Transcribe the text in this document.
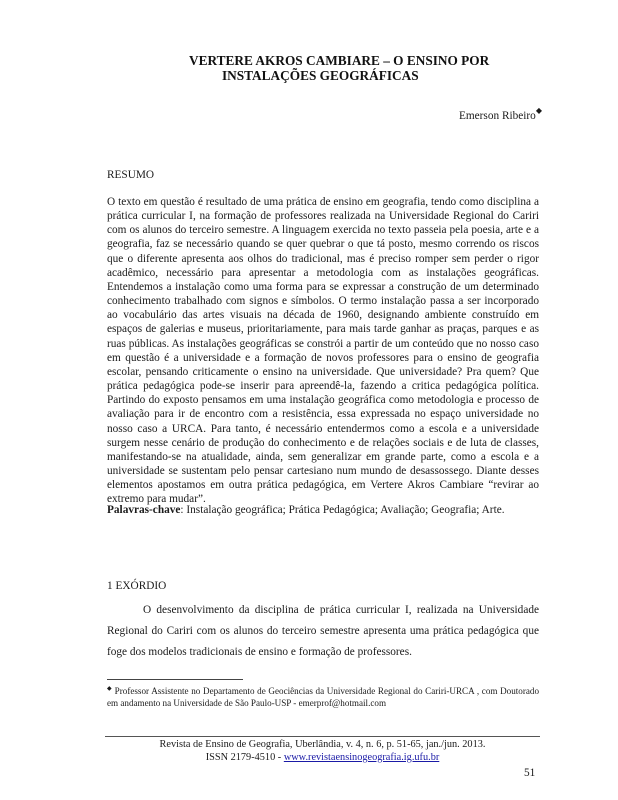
VERTERE AKROS CAMBIARE – O ENSINO POR
INSTALAÇÕES GEOGRÁFICAS
Emerson Ribeiro◆
RESUMO

O texto em questão é resultado de uma prática de ensino em geografia, tendo como disciplina a prática curricular I, na formação de professores realizada na Universidade Regional do Cariri com os alunos do terceiro semestre. A linguagem exercida no texto passeia pela poesia, arte e a geografia, faz se necessário quando se quer quebrar o que tá posto, mesmo correndo os riscos que o diferente apresenta aos olhos do tradicional, mas é preciso romper sem perder o rigor acadêmico, necessário para apresentar a metodologia com as instalações geográficas. Entendemos a instalação como uma forma para se expressar a construção de um determinado conhecimento trabalhado com signos e símbolos. O termo instalação passa a ser incorporado ao vocabulário das artes visuais na década de 1960, designando ambiente construído em espaços de galerias e museus, prioritariamente, para mais tarde ganhar as praças, parques e as ruas públicas. As instalações geográficas se constrói a partir de um conteúdo que no nosso caso em questão é a universidade e a formação de novos professores para o ensino de geografia escolar, pensando criticamente o ensino na universidade. Que universidade? Pra quem? Que prática pedagógica pode-se inserir para apreendê-la, fazendo a critica pedagógica política. Partindo do exposto pensamos em uma instalação geográfica como metodologia e processo de avaliação para ir de encontro com a resistência, essa expressada no espaço universidade no nosso caso a URCA. Para tanto, é necessário entendermos como a escola e a universidade surgem nesse cenário de produção do conhecimento e de relações sociais e de luta de classes, manifestando-se na atualidade, ainda, sem generalizar em grande parte, como a escola e a universidade se sustentam pelo pensar cartesiano num mundo de desassossego. Diante desses elementos apostamos em outra prática pedagógica, em Vertere Akros Cambiare “revirar ao extremo para mudar”.

Palavras-chave: Instalação geográfica; Prática Pedagógica; Avaliação; Geografia; Arte.
1 EXÓRDIO

O desenvolvimento da disciplina de prática curricular I, realizada na Universidade Regional do Cariri com os alunos do terceiro semestre apresenta uma prática pedagógica que foge dos modelos tradicionais de ensino e formação de professores.

◆ Professor Assistente no Departamento de Geociências da Universidade Regional do Cariri-URCA , com Doutorado em andamento na Universidade de São Paulo-USP - emerprof@hotmail.com
Revista de Ensino de Geografia, Uberlândia, v. 4, n. 6, p. 51-65, jan./jun. 2013.
ISSN 2179-4510 - www.revistaensinogeografia.ig.ufu.br
51
